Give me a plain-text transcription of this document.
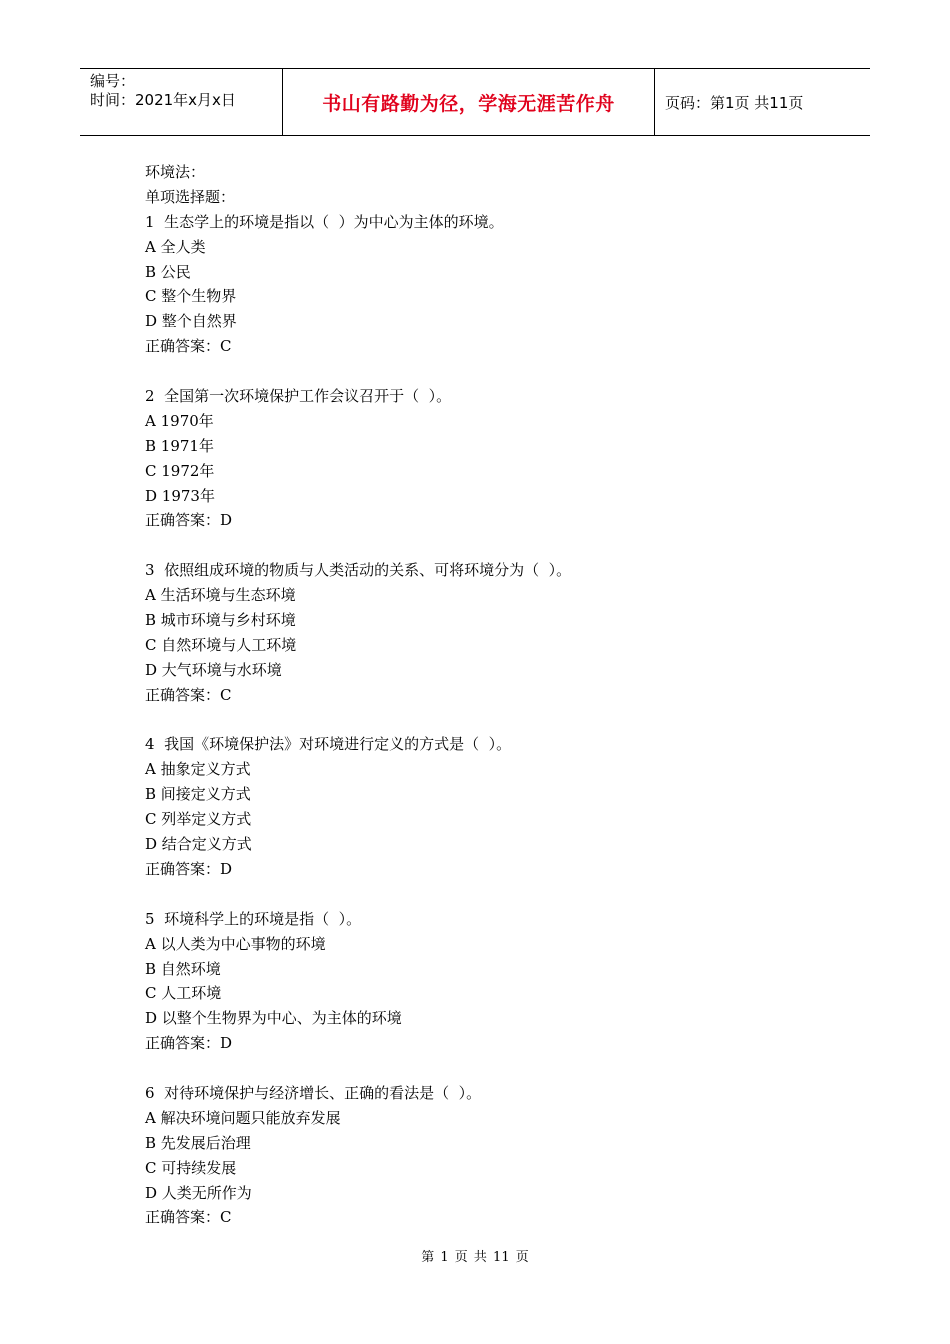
编号：
时间：2021年x月x日	书山有路勤为径，学海无涯苦作舟	页码：第1页 共11页
环境法：
单项选择题：
1  生态学上的环境是指以（  ）为中心为主体的环境。
A 全人类
B 公民
C 整个生物界
D 整个自然界
正确答案：C
2  全国第一次环境保护工作会议召开于（  ）。
A 1970年
B 1971年
C 1972年
D 1973年
正确答案：D
3  依照组成环境的物质与人类活动的关系、可将环境分为（  ）。
A 生活环境与生态环境
B 城市环境与乡村环境
C 自然环境与人工环境
D 大气环境与水环境
正确答案：C
4  我国《环境保护法》对环境进行定义的方式是（  ）。
A 抽象定义方式
B 间接定义方式
C 列举定义方式
D 结合定义方式
正确答案：D
5  环境科学上的环境是指（  ）。
A 以人类为中心事物的环境
B 自然环境
C 人工环境
D 以整个生物界为中心、为主体的环境
正确答案：D
6  对待环境保护与经济增长、正确的看法是（  ）。
A 解决环境问题只能放弃发展
B 先发展后治理
C 可持续发展
D 人类无所作为
正确答案：C
第 1 页 共 11 页
